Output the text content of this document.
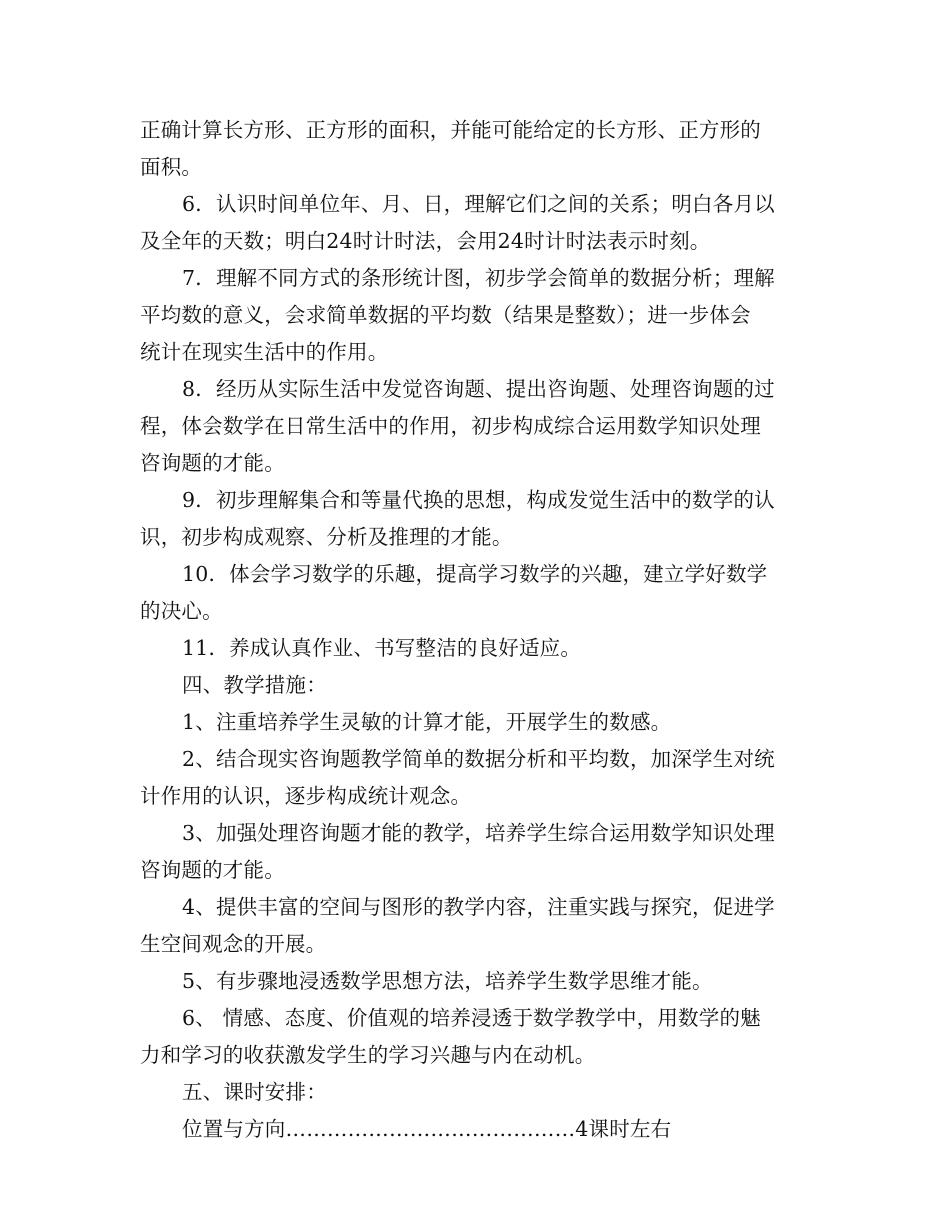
正确计算长方形、正方形的面积，并能可能给定的长方形、正方形的
面积。
6．认识时间单位年、月、日，理解它们之间的关系；明白各月以
及全年的天数；明白24时计时法，会用24时计时法表示时刻。
7．理解不同方式的条形统计图，初步学会简单的数据分析；理解
平均数的意义，会求简单数据的平均数（结果是整数）；进一步体会
统计在现实生活中的作用。
8．经历从实际生活中发觉咨询题、提出咨询题、处理咨询题的过
程，体会数学在日常生活中的作用，初步构成综合运用数学知识处理
咨询题的才能。
9．初步理解集合和等量代换的思想，构成发觉生活中的数学的认
识，初步构成观察、分析及推理的才能。
10．体会学习数学的乐趣，提高学习数学的兴趣，建立学好数学
的决心。
11．养成认真作业、书写整洁的良好适应。
四、教学措施：
1、注重培养学生灵敏的计算才能，开展学生的数感。
2、结合现实咨询题教学简单的数据分析和平均数，加深学生对统
计作用的认识，逐步构成统计观念。
3、加强处理咨询题才能的教学，培养学生综合运用数学知识处理
咨询题的才能。
4、提供丰富的空间与图形的教学内容，注重实践与探究，促进学
生空间观念的开展。
5、有步骤地浸透数学思想方法，培养学生数学思维才能。
6、 情感、态度、价值观的培养浸透于数学教学中，用数学的魅
力和学习的收获激发学生的学习兴趣与内在动机。
五、课时安排：
位置与方向……………………………………4课时左右
